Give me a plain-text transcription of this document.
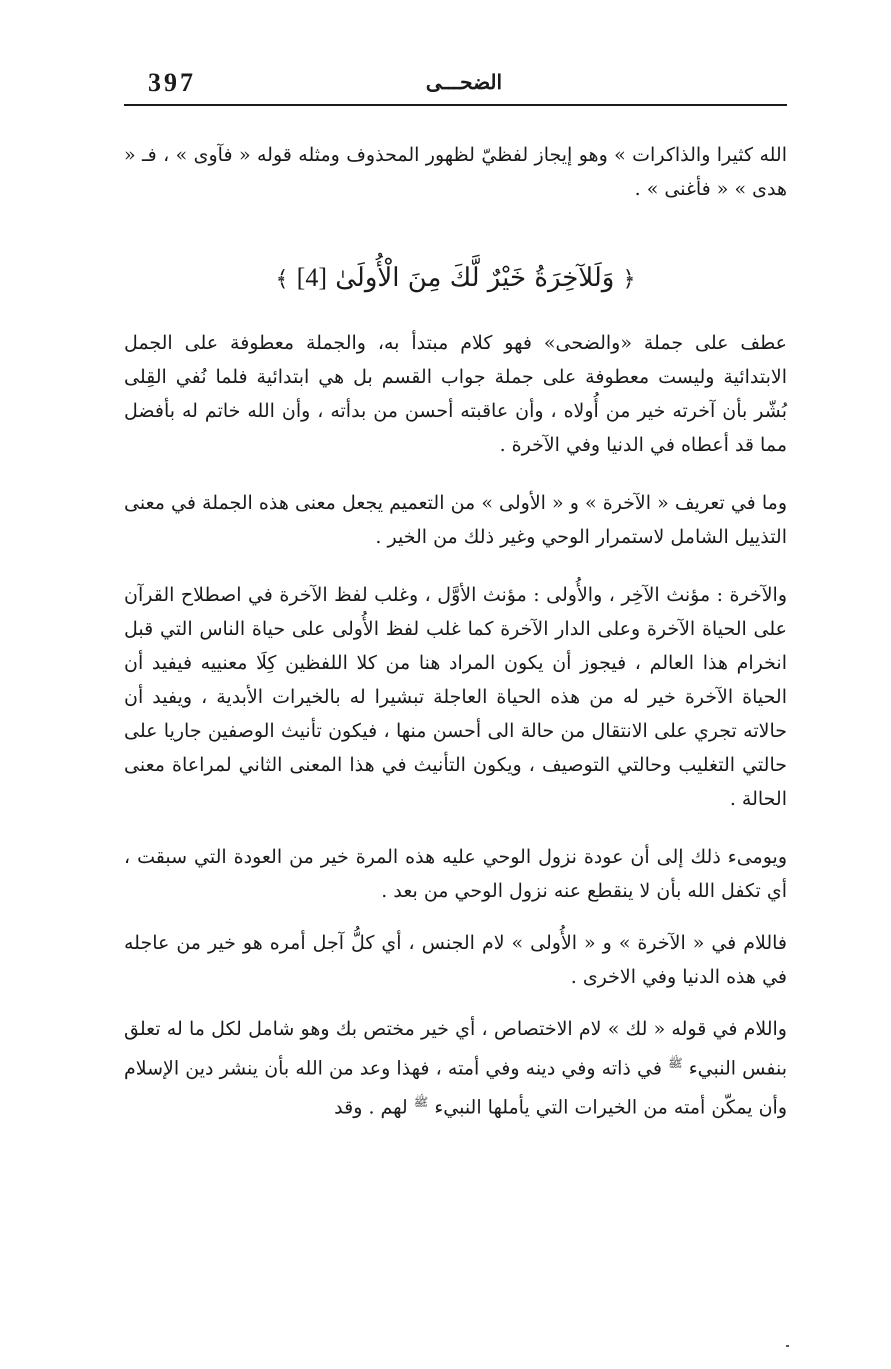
397	الضحـــى

الله كثيرا والذاكرات » وهو إيجاز لفظيّ لظهور المحذوف ومثله قوله « فآوى » ، فـ « هدى » « فأغنى » .

﴿ وَلَلآخِرَةُ خَيْرٌ لَّكَ مِنَ الْأُولَىٰ [4] ﴾

عطف على جملة «والضحى» فهو كلام مبتدأ به، والجملة معطوفة على الجمل الابتدائية وليست معطوفة على جملة جواب القسم بل هي ابتدائية فلما نُفي القِلى بُشّر بأن آخرته خير من أُولاه ، وأن عاقبته أحسن من بدأته ، وأن الله خاتم له بأفضل مما قد أعطاه في الدنيا وفي الآخرة .

وما في تعريف « الآخرة » و « الأولى » من التعميم يجعل معنى هذه الجملة في معنى التذييل الشامل لاستمرار الوحي وغير ذلك من الخير .

والآخرة : مؤنث الآخِر ، والأُولى : مؤنث الأوَّل ، وغلب لفظ الآخرة في اصطلاح القرآن على الحياة الآخرة وعلى الدار الآخرة كما غلب لفظ الأُولى على حياة الناس التي قبل انخرام هذا العالم ، فيجوز أن يكون المراد هنا من كلا اللفظين كِلَا معنييه فيفيد أن الحياة الآخرة خير له من هذه الحياة العاجلة تبشيرا له بالخيرات الأبدية ، ويفيد أن حالاته تجري على الانتقال من حالة الى أحسن منها ، فيكون تأنيث الوصفين جاريا على حالتي التغليب وحالتي التوصيف ، ويكون التأنيث في هذا المعنى الثاني لمراعاة معنى الحالة .

ويومىء ذلك إلى أن عودة نزول الوحي عليه هذه المرة خير من العودة التي سبقت ، أي تكفل الله بأن لا ينقطع عنه نزول الوحي من بعد .

فاللام في « الآخرة » و « الأُولى » لام الجنس ، أي كلُّ آجل أمره هو خير من عاجله في هذه الدنيا وفي الاخرى .

واللام في قوله « لك » لام الاختصاص ، أي خير مختص بك وهو شامل لكل ما له تعلق بنفس النبيء $^ﷺ$ في ذاته وفي دينه وفي أمته ، فهذا وعد من الله بأن ينشر دين الإسلام وأن يمكّن أمته من الخيرات التي يأملها النبيء $^ﷺ$ لهم . وقد
